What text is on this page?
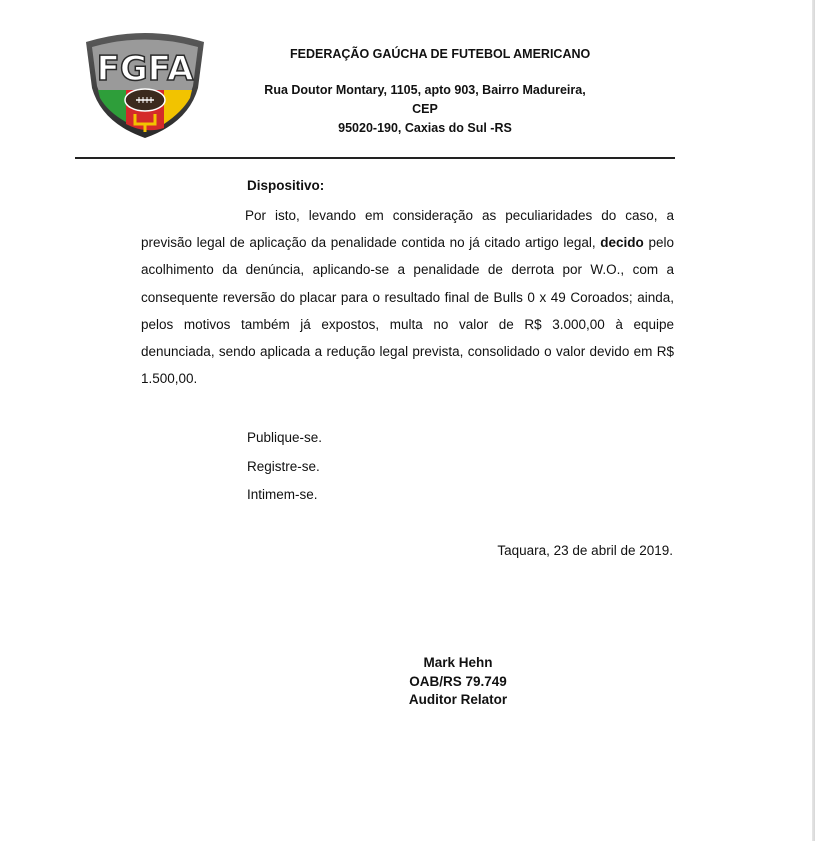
FGFA	FEDERAÇÃO GAÚCHA DE FUTEBOL AMERICANO
Rua Doutor Montary, 1105, apto 903, Bairro Madureira, CEP
95020-190, Caxias do Sul -RS
Dispositivo:
Por isto, levando em consideração as peculiaridades do caso, a
previsão legal de aplicação da penalidade contida no já citado artigo legal, decido pelo
acolhimento da denúncia, aplicando-se a penalidade de derrota por W.O., com a
consequente reversão do placar para o resultado final de Bulls 0 x 49 Coroados; ainda,
pelos motivos também já expostos, multa no valor de R$ 3.000,00 à equipe
denunciada, sendo aplicada a redução legal prevista, consolidado o valor devido em R$
1.500,00.
Publique-se.
Registre-se.
Intimem-se.
Taquara, 23 de abril de 2019.
Mark Hehn
OAB/RS 79.749
Auditor Relator
